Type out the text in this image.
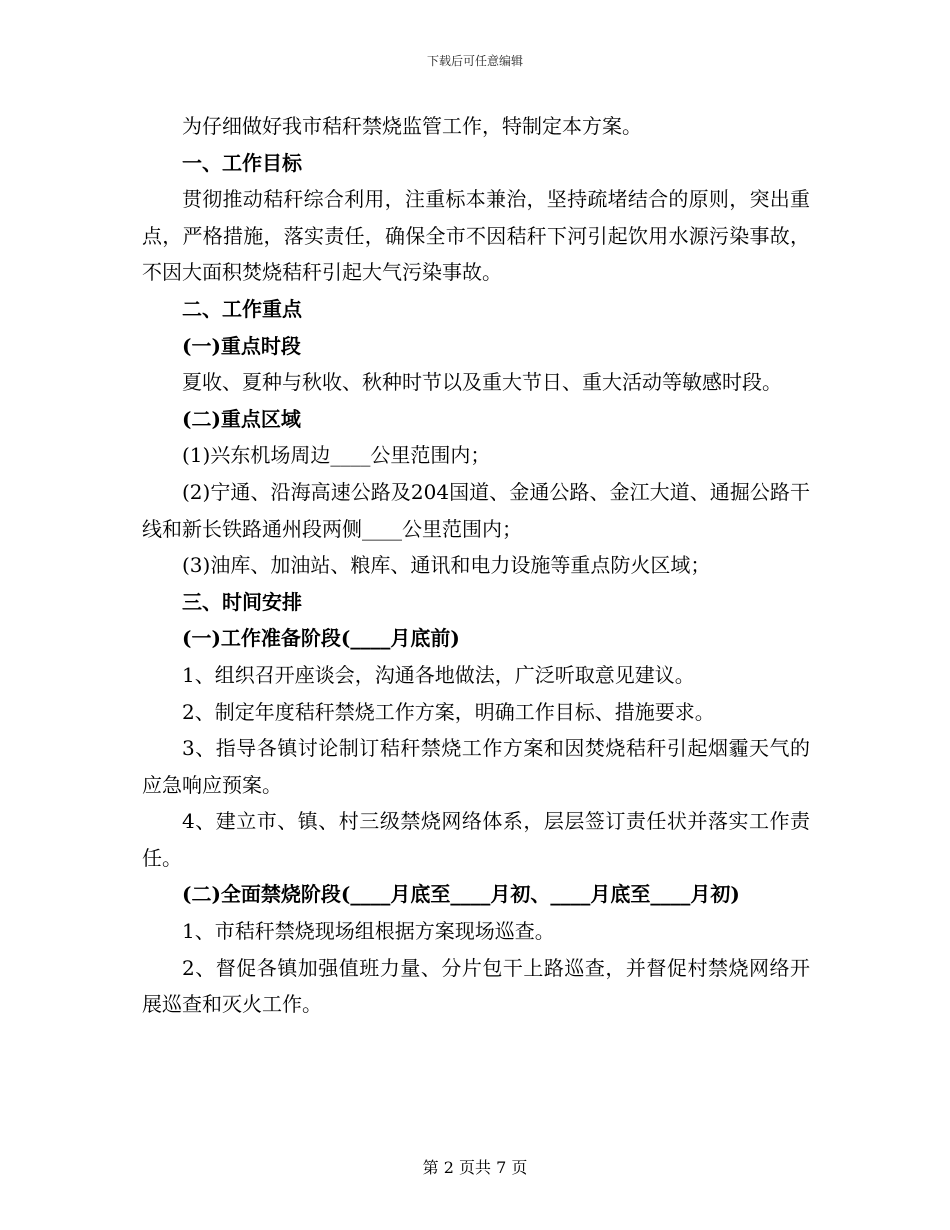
下载后可任意编辑

为仔细做好我市秸秆禁烧监管工作，特制定本方案。

一、工作目标

贯彻推动秸秆综合利用，注重标本兼治，坚持疏堵结合的原则，突出重点，严格措施，落实责任，确保全市不因秸秆下河引起饮用水源污染事故，不因大面积焚烧秸秆引起大气污染事故。

二、工作重点

(一)重点时段

夏收、夏种与秋收、秋种时节以及重大节日、重大活动等敏感时段。

(二)重点区域

(1)兴东机场周边____公里范围内；

(2)宁通、沿海高速公路及204国道、金通公路、金江大道、通掘公路干线和新长铁路通州段两侧____公里范围内；

(3)油库、加油站、粮库、通讯和电力设施等重点防火区域；

三、时间安排

(一)工作准备阶段(____月底前)

1、组织召开座谈会，沟通各地做法，广泛听取意见建议。

2、制定年度秸秆禁烧工作方案，明确工作目标、措施要求。

3、指导各镇讨论制订秸秆禁烧工作方案和因焚烧秸秆引起烟霾天气的应急响应预案。

4、建立市、镇、村三级禁烧网络体系，层层签订责任状并落实工作责任。

(二)全面禁烧阶段(____月底至____月初、____月底至____月初)

1、市秸秆禁烧现场组根据方案现场巡查。

2、督促各镇加强值班力量、分片包干上路巡查，并督促村禁烧网络开展巡查和灭火工作。

第 2 页共 7 页
